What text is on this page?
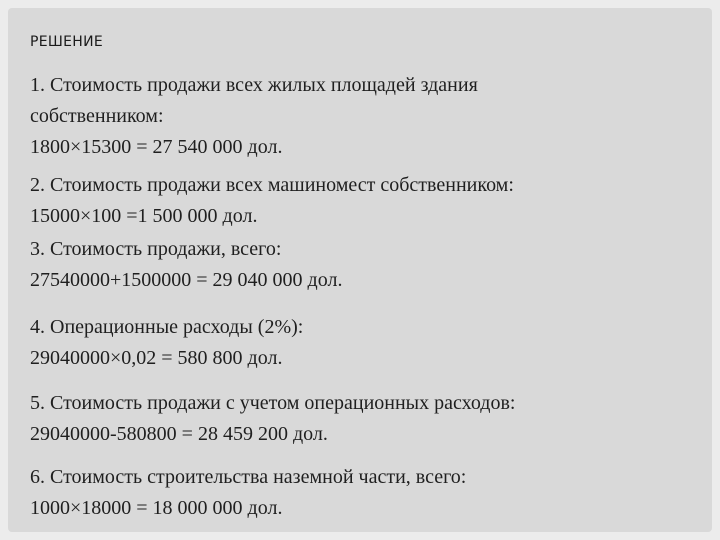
РЕШЕНИЕ
1. Стоимость продажи всех жилых площадей здания
собственником:
1800×15300 = 27 540 000 дол.
2. Стоимость продажи всех машиномест собственником:
15000×100 =1 500 000 дол.
3. Стоимость продажи, всего:
27540000+1500000 = 29 040 000 дол.
4. Операционные расходы (2%):
29040000×0,02 = 580 800 дол.
5. Стоимость продажи с учетом операционных расходов:
29040000-580800 = 28 459 200 дол.
6. Стоимость строительства наземной части, всего:
1000×18000 = 18 000 000 дол.
